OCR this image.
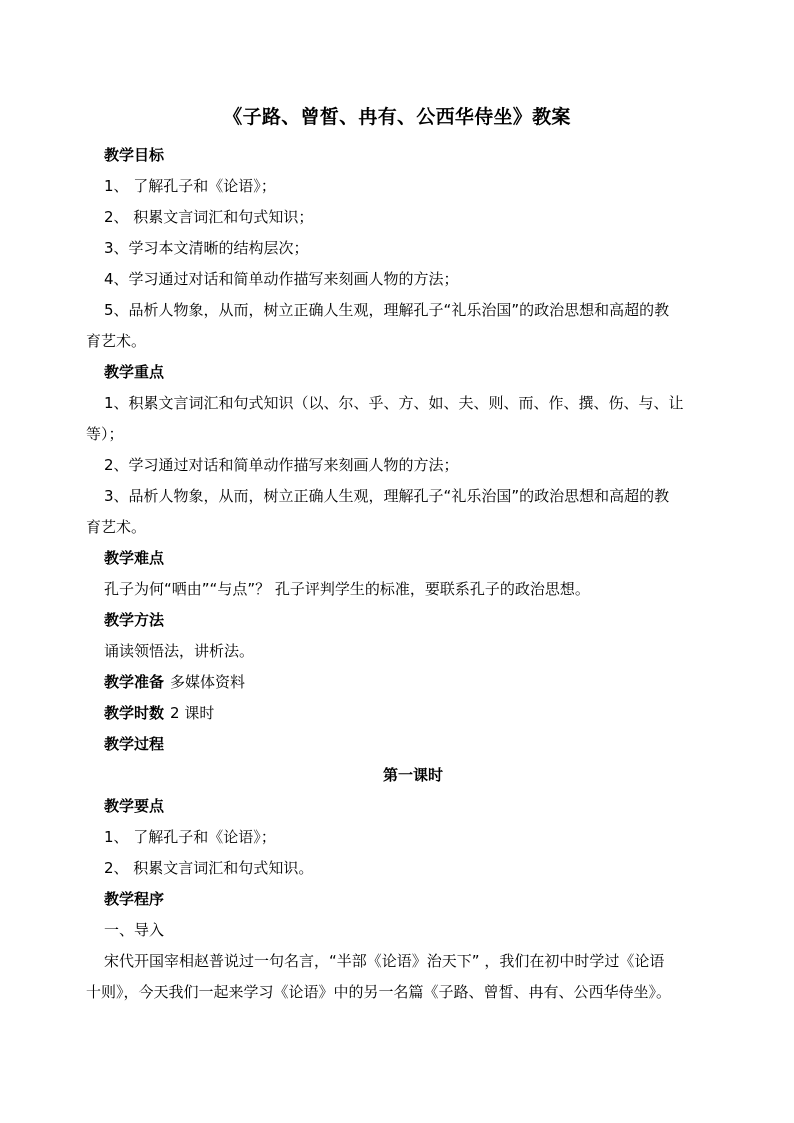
《子路、曾皙、冉有、公西华侍坐》教案
教学目标
1、 了解孔子和《论语》；
2、 积累文言词汇和句式知识；
3、学习本文清晰的结构层次；
4、学习通过对话和简单动作描写来刻画人物的方法；
5、品析人物象，从而，树立正确人生观，理解孔子“礼乐治国”的政治思想和高超的教
育艺术。
教学重点
1、积累文言词汇和句式知识（以、尔、乎、方、如、夫、则、而、作、撰、伤、与、让
等）；
2、学习通过对话和简单动作描写来刻画人物的方法；
3、品析人物象，从而，树立正确人生观，理解孔子“礼乐治国”的政治思想和高超的教
育艺术。
教学难点
孔子为何“哂由”“与点”？ 孔子评判学生的标准，要联系孔子的政治思想。
教学方法
诵读领悟法，讲析法。
教学准备 多媒体资料
教学时数 2 课时
教学过程
第一课时
教学要点
1、 了解孔子和《论语》；
2、 积累文言词汇和句式知识。
教学程序
一、导入
宋代开国宰相赵普说过一句名言，“半部《论语》治天下” ，我们在初中时学过《论语
十则》，今天我们一起来学习《论语》中的另一名篇《子路、曾皙、冉有、公西华侍坐》。
